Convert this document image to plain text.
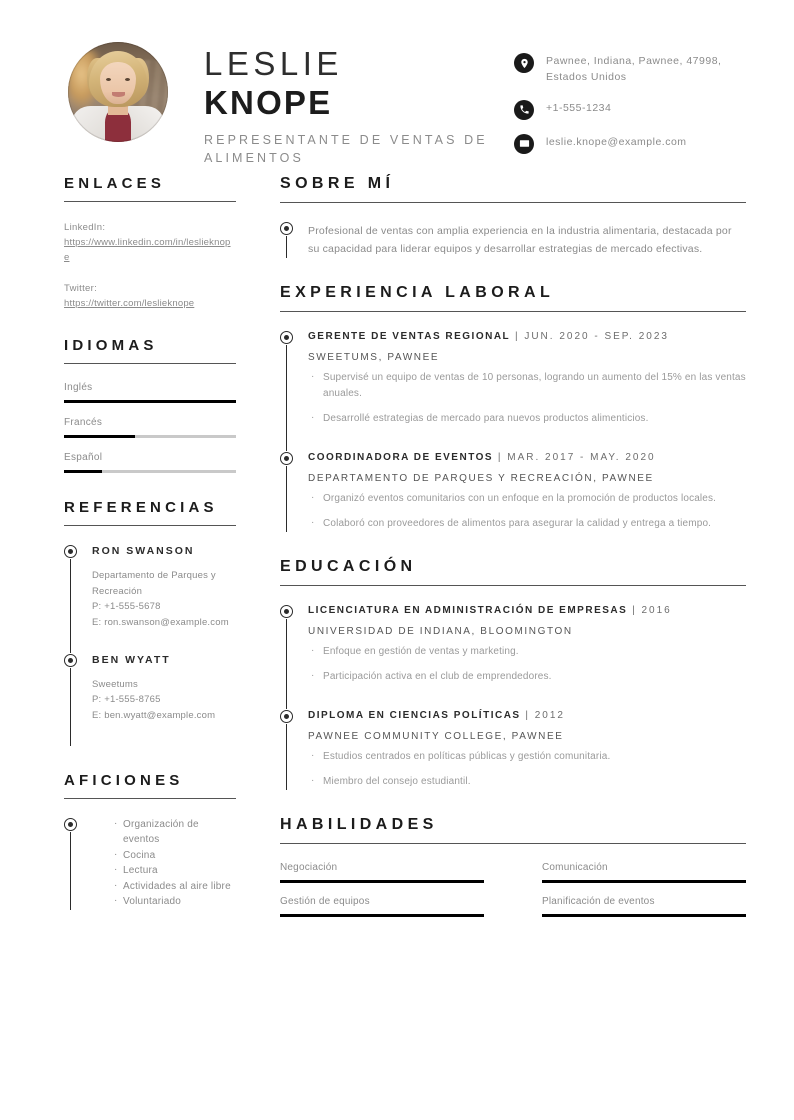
LESLIE
KNOPE
REPRESENTANTE DE VENTAS DE ALIMENTOS
Pawnee, Indiana, Pawnee, 47998, Estados Unidos
+1-555-1234
leslie.knope@example.com
ENLACES
LinkedIn:
https://www.linkedin.com/in/leslieknope
Twitter:
https://twitter.com/leslieknope
IDIOMAS
Inglés
Francés
Español
REFERENCIAS
RON SWANSON
Departamento de Parques y Recreación
P: +1-555-5678
E: ron.swanson@example.com
BEN WYATT
Sweetums
P: +1-555-8765
E: ben.wyatt@example.com
AFICIONES
· Organización de eventos
· Cocina
· Lectura
· Actividades al aire libre
· Voluntariado
SOBRE MÍ
Profesional de ventas con amplia experiencia en la industria alimentaria, destacada por su capacidad para liderar equipos y desarrollar estrategias de mercado efectivas.
EXPERIENCIA LABORAL
GERENTE DE VENTAS REGIONAL | JUN. 2020 - SEP. 2023
SWEETUMS, PAWNEE
· Supervisé un equipo de ventas de 10 personas, logrando un aumento del 15% en las ventas anuales.
· Desarrollé estrategias de mercado para nuevos productos alimenticios.
COORDINADORA DE EVENTOS | MAR. 2017 - MAY. 2020
DEPARTAMENTO DE PARQUES Y RECREACIÓN, PAWNEE
· Organizó eventos comunitarios con un enfoque en la promoción de productos locales.
· Colaboró con proveedores de alimentos para asegurar la calidad y entrega a tiempo.
EDUCACIÓN
LICENCIATURA EN ADMINISTRACIÓN DE EMPRESAS | 2016
UNIVERSIDAD DE INDIANA, BLOOMINGTON
· Enfoque en gestión de ventas y marketing.
· Participación activa en el club de emprendedores.
DIPLOMA EN CIENCIAS POLÍTICAS | 2012
PAWNEE COMMUNITY COLLEGE, PAWNEE
· Estudios centrados en políticas públicas y gestión comunitaria.
· Miembro del consejo estudiantil.
HABILIDADES
Negociación	Comunicación
Gestión de equipos	Planificación de eventos
